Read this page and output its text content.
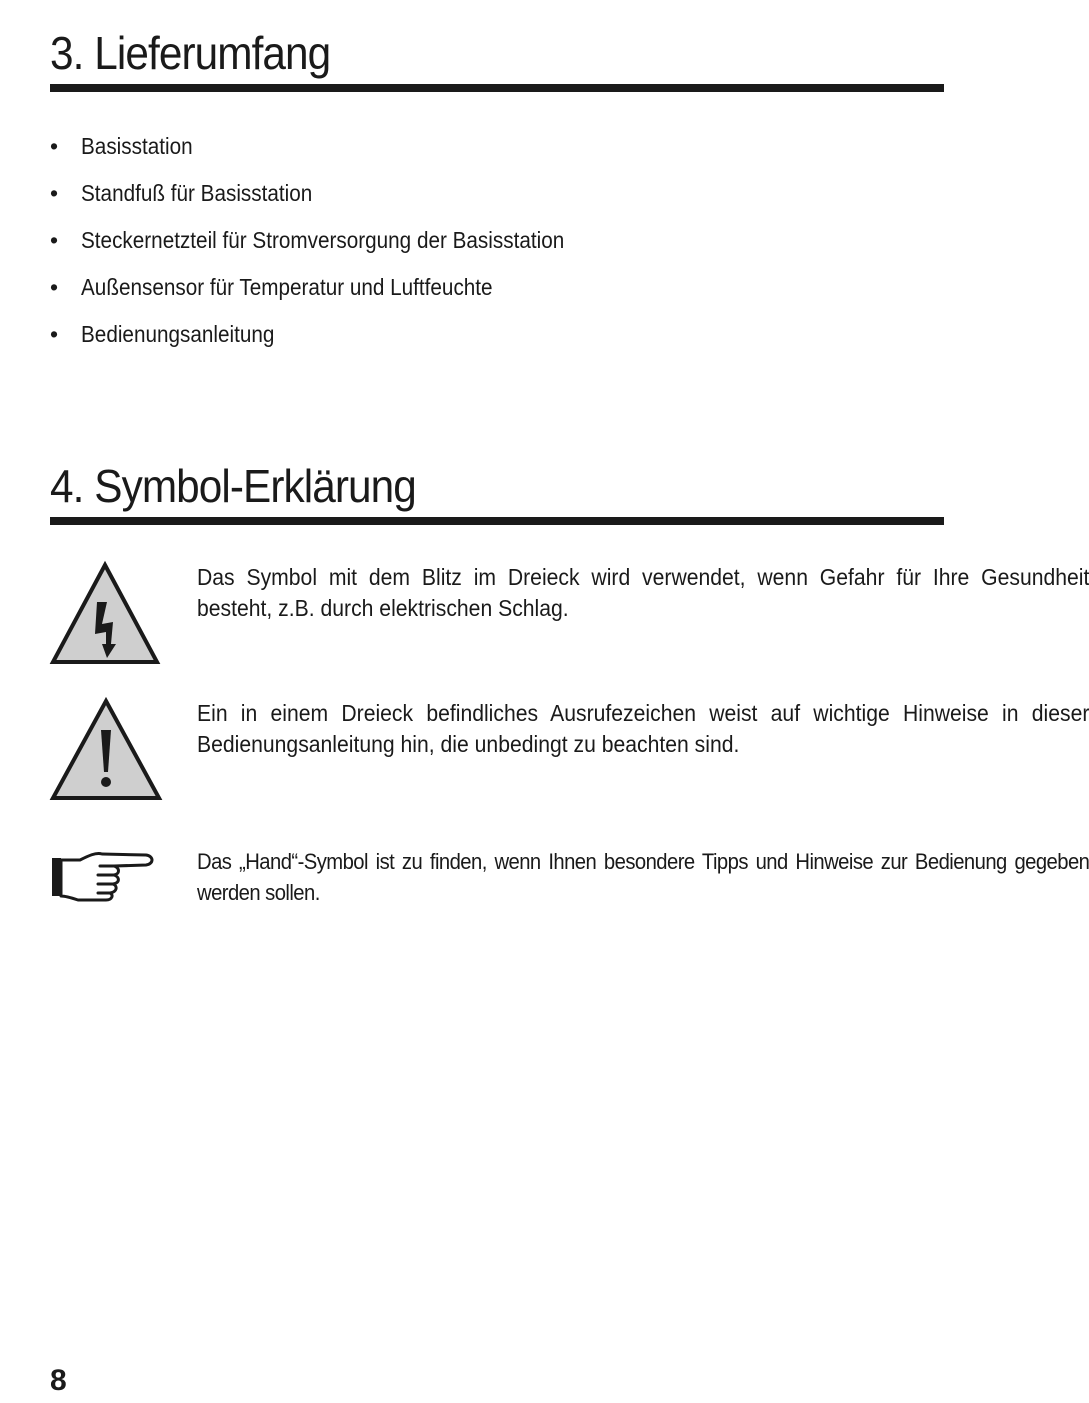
3. Lieferumfang
• Basisstation
• Standfuß für Basisstation
• Steckernetzteil für Stromversorgung der Basisstation
• Außensensor für Temperatur und Luftfeuchte
• Bedienungsanleitung
4. Symbol-Erklärung
Das Symbol mit dem Blitz im Dreieck wird verwendet, wenn Gefahr für Ihre Gesundheit besteht, z.B. durch elektrischen Schlag.
Ein in einem Dreieck befindliches Ausrufezeichen weist auf wichtige Hinweise in dieser Bedienungsanleitung hin, die unbedingt zu beachten sind.
Das „Hand“-Symbol ist zu finden, wenn Ihnen besondere Tipps und Hinweise zur Bedienung gegeben werden sollen.
8
